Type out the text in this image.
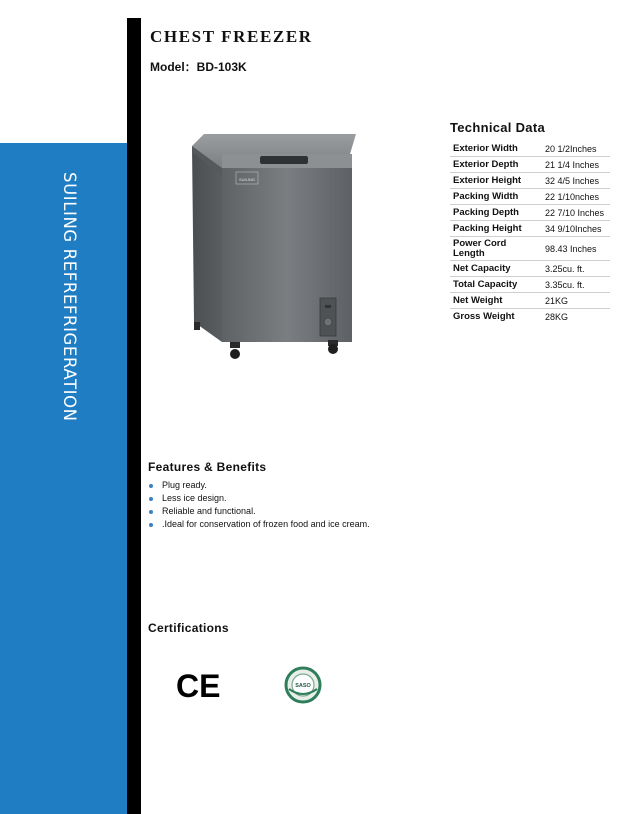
SUILING REFREFRIGERATION
CHEST FREEZER
Model：BD-103K
SUILING
Technical Data
Exterior Width	20 1/2Inches
Exterior Depth	21 1/4 Inches
Exterior Height	32 4/5 Inches
Packing Width	22 1/10nches
Packing Depth	22 7/10 Inches
Packing Height	34 9/10Inches
Power Cord Length	98.43 Inches
Net Capacity	3.25cu. ft.
Total Capacity	3.35cu. ft.
Net Weight	21KG
Gross Weight	28KG
Features & Benefits
Plug ready.
Less ice design.
Reliable and functional.
.Ideal for conservation of frozen food and ice cream.
Certifications
CE	SASO
